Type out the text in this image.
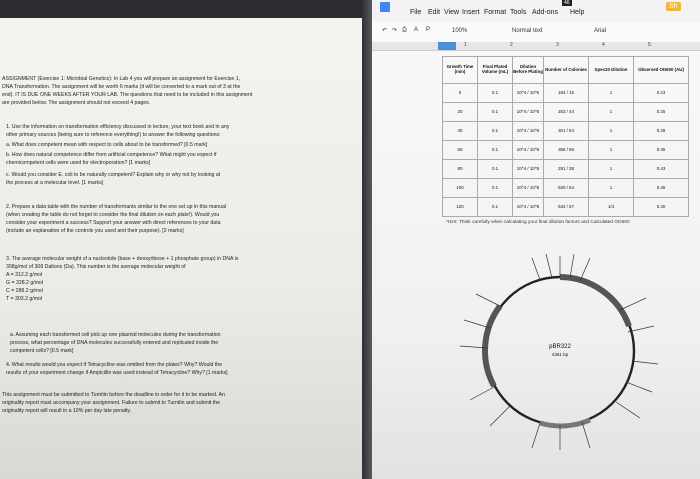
ASSIGNMENT (Exercise 1: Microbial Genetics): In Lab 4 you will prepare an assignment for Exercise 1,
DNA Transformation. The assignment will be worth 6 marks (it will be converted to a mark out of 3 at the
end). IT IS DUE ONE WEEKS AFTER YOUR LAB. The questions that need to be included in this assignment
are provided below. The assignment should not exceed 4 pages.
1. Use the information on transformation efficiency discussed in lecture, your text book and in any
other primary sources (being sure to reference everything!) to answer the following questions:
a. What does competent mean with respect to cells about to be transformed? [0.5 mark]
b. How does natural competence differ from artificial competence? What might you expect if
chemicompetent cells were used for electroporation? [1 marks]
c. Would you consider E. coli to be naturally competent? Explain why or why not by looking at
the process at a molecular level. [1 marks]
2. Prepare a data table with the number of transformants similar to the one set up in this manual
(when creating the table do not forget to consider the final dilution on each plate!). Would you
consider your experiment a success? Support your answer with direct references to your data
(include an explanation of the controls you used and their purpose). [2 marks]
3. The average molecular weight of a nucleotide (base + deoxyribose + 1 phosphate group) in DNA is
308g/mol of 308 Daltons (Da). This number is the average molecular weight of
A = 312.2 g/mol
G = 328.2 g/mol
C = 288.2 g/mol
T = 303.2 g/mol
a. Assuming each transformed cell pick up one plasmid molecules during the transformation
process, what percentage of DNA molecules successfully entered and replicated inside the
competent cells? [0.5 mark]
4. What results would you expect if Tetracycline was omitted from the plates? Why? Would the
results of your experiment change if Ampicillin was used instead of Tetracycline? Why? [1 marks]
This assignment must be submitted to Turnitin before the deadline in order for it to be marked. An
originality report must accompany your assignment. Failure to submit to Turnitin and submit the
originality report will result in a 10% per day late penalty.
File Edit View Insert Format Tools Add-ons Help
46	Sh
↶ ↷ ⎙ A P	100%	Normal text	Arial
1	2	3	4	5
Growth Time (min)	Final Plated Volume (mL)	Dilution Before Plating	Number of Colonies	Spec20 Dilution	Observed OD600 (AU)
0	0.1	10^4 / 10^5	184 / 15	1	0.23
20	0.1	10^4 / 10^5	253 / 44	1	0.25
40	0.1	10^4 / 10^5	301 / 84	1	0.28
60	0.1	10^4 / 10^5	356 / 96	1	0.35
80	0.1	10^4 / 10^5	281 / 38	1	0.43
100	0.1	10^4 / 10^5	520 / 54	1	0.46
120	0.1	10^4 / 10^5	634 / 67	1/4	0.40
*Hint: Think carefully when calculating your final dilution factors and Calculated OD600
pBR322
4361 bp
